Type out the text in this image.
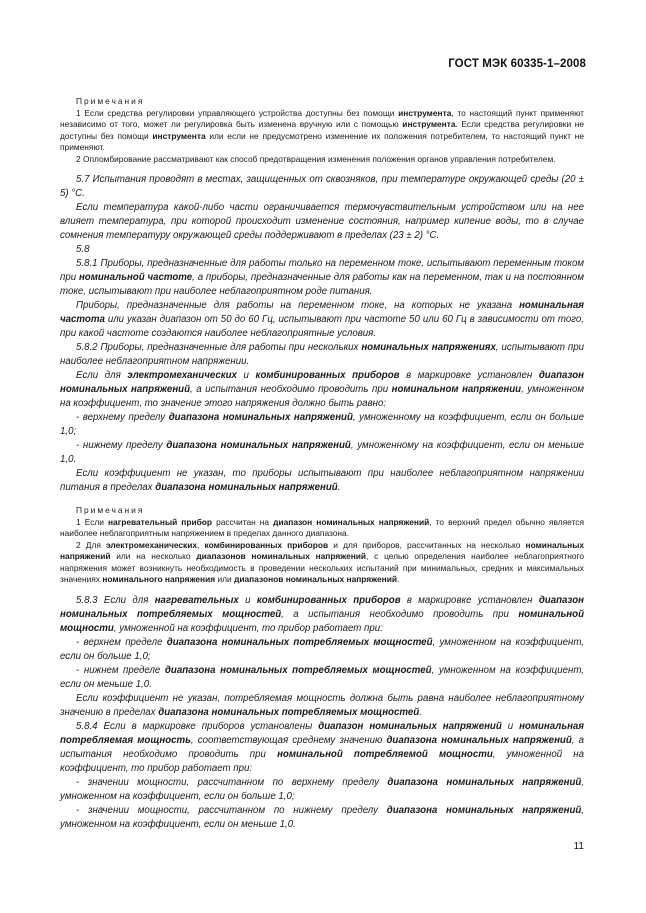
ГОСТ МЭК 60335-1–2008

Примечания

1 Если средства регулировки управляющего устройства доступны без помощи инструмента, то настоящий пункт применяют независимо от того, может ли регулировка быть изменена вручную или с помощью инструмента. Если средства регулировки не доступны без помощи инструмента или если не предусмотрено изменение их положения потребителем, то настоящий пункт не применяют.

2 Опломбирование рассматривают как способ предотвращения изменения положения органов управления потребителем.

5.7 Испытания проводят в местах, защищенных от сквозняков, при температуре окружающей среды (20 ± 5) °С.

Если температура какой-либо части ограничивается термочувствительным устройством или на нее влияет температура, при которой происходит изменение состояния, например кипение воды, то в случае сомнения температуру окружающей среды поддерживают в пределах (23 ± 2) °С.

5.8

5.8.1 Приборы, предназначенные для работы только на переменном токе, испытывают переменным током при номинальной частоте, а приборы, предназначенные для работы как на переменном, так и на постоянном токе, испытывают при наиболее неблагоприятном роде питания.

Приборы, предназначенные для работы на переменном токе, на которых не указана номинальная частота или указан диапазон от 50 до 60 Гц, испытывают при частоте 50 или 60 Гц в зависимости от того, при какой частоте создаются наиболее неблагоприятные условия.

5.8.2 Приборы, предназначенные для работы при нескольких номинальных напряжениях, испытывают при наиболее неблагоприятном напряжении.

Если для электромеханических и комбинированных приборов в маркировке установлен диапазон номинальных напряжений, а испытания необходимо проводить при номинальном напряжении, умноженном на коэффициент, то значение этого напряжения должно быть равно:

- верхнему пределу диапазона номинальных напряжений, умноженному на коэффициент, если он больше 1,0;

- нижнему пределу диапазона номинальных напряжений, умноженному на коэффициент, если он меньше 1,0.

Если коэффициент не указан, то приборы испытывают при наиболее неблагоприятном напряжении питания в пределах диапазона номинальных напряжений.

Примечания

1 Если нагревательный прибор рассчитан на диапазон номинальных напряжений, то верхний предел обычно является наиболее неблагоприятным напряжением в пределах данного диапазона.

2 Для электромеханических, комбинированных приборов и для приборов, рассчитанных на несколько номинальных напряжений или на несколько диапазонов номинальных напряжений, с целью определения наиболее неблагоприятного напряжения может возникнуть необходимость в проведении нескольких испытаний при минимальных, средних и максимальных значениях номинального напряжения или диапазонов номинальных напряжений.

5.8.3 Если для нагревательных и комбинированных приборов в маркировке установлен диапазон номинальных потребляемых мощностей, а испытания необходимо проводить при номинальной мощности, умноженной на коэффициент, то прибор работает при:

- верхнем пределе диапазона номинальных потребляемых мощностей, умноженном на коэффициент, если он больше 1,0;

- нижнем пределе диапазона номинальных потребляемых мощностей, умноженном на коэффициент, если он меньше 1,0.

Если коэффициент не указан, потребляемая мощность должна быть равна наиболее неблагоприятному значению в пределах диапазона номинальных потребляемых мощностей.

5.8.4 Если в маркировке приборов установлены диапазон номинальных напряжений и номинальная потребляемая мощность, соответствующая среднему значению диапазона номинальных напряжений, а испытания необходимо проводить при номинальной потребляемой мощности, умноженной на коэффициент, то прибор работает при:

- значении мощности, рассчитанном по верхнему пределу диапазона номинальных напряжений, умноженном на коэффициент, если он больше 1,0;

- значении мощности, рассчитанном по нижнему пределу диапазона номинальных напряжений, умноженном на коэффициент, если он меньше 1,0.

11
